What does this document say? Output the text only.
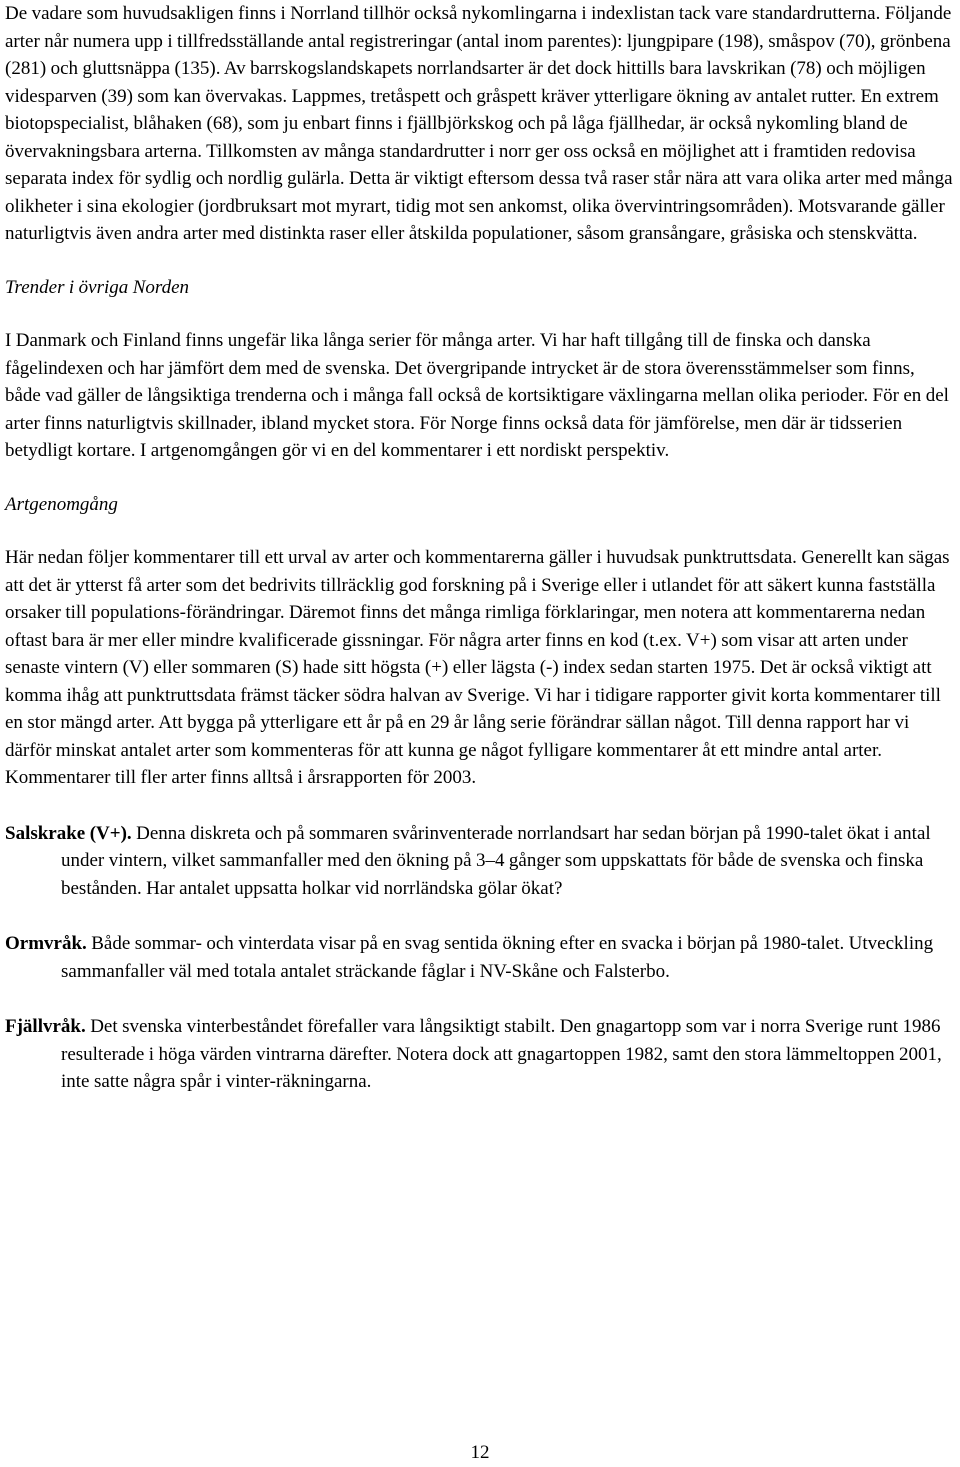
De vadare som huvudsakligen finns i Norrland tillhör också nykomlingarna i indexlistan tack vare standardrutterna. Följande arter når numera upp i tillfredsställande antal registreringar (antal inom parentes): ljungpipare (198), småspov (70), grönbena (281) och gluttsnäppa (135). Av barrskogslandskapets norrlandsarter är det dock hittills bara lavskrikan (78) och möjligen videsparven (39) som kan övervakas. Lappmes, tretåspett och gråspett kräver ytterligare ökning av antalet rutter. En extrem biotopspecialist, blåhaken (68), som ju enbart finns i fjällbjörkskog och på låga fjällhedar, är också nykomling bland de övervakningsbara arterna. Tillkomsten av många standardrutter i norr ger oss också en möjlighet att i framtiden redovisa separata index för sydlig och nordlig gulärla. Detta är viktigt eftersom dessa två raser står nära att vara olika arter med många olikheter i sina ekologier (jordbruksart mot myrart, tidig mot sen ankomst, olika övervintringsområden). Motsvarande gäller naturligtvis även andra arter med distinkta raser eller åtskilda populationer, såsom gransångare, gråsiska och stenskvätta.

Trender i övriga Norden

I Danmark och Finland finns ungefär lika långa serier för många arter. Vi har haft tillgång till de finska och danska fågelindexen och har jämfört dem med de svenska. Det övergripande intrycket är de stora överensstämmelser som finns, både vad gäller de långsiktiga trenderna och i många fall också de kortsiktigare växlingarna mellan olika perioder. För en del arter finns naturligtvis skillnader, ibland mycket stora. För Norge finns också data för jämförelse, men där är tidsserien betydligt kortare. I artgenomgången gör vi en del kommentarer i ett nordiskt perspektiv.

Artgenomgång

Här nedan följer kommentarer till ett urval av arter och kommentarerna gäller i huvudsak punktruttsdata. Generellt kan sägas att det är ytterst få arter som det bedrivits tillräcklig god forskning på i Sverige eller i utlandet för att säkert kunna fastställa orsaker till populations-förändringar. Däremot finns det många rimliga förklaringar, men notera att kommentarerna nedan oftast bara är mer eller mindre kvalificerade gissningar. För några arter finns en kod (t.ex. V+) som visar att arten under senaste vintern (V) eller sommaren (S) hade sitt högsta (+) eller lägsta (-) index sedan starten 1975. Det är också viktigt att komma ihåg att punktruttsdata främst täcker södra halvan av Sverige. Vi har i tidigare rapporter givit korta kommentarer till en stor mängd arter. Att bygga på ytterligare ett år på en 29 år lång serie förändrar sällan något. Till denna rapport har vi därför minskat antalet arter som kommenteras för att kunna ge något fylligare kommentarer åt ett mindre antal arter. Kommentarer till fler arter finns alltså i årsrapporten för 2003.

Salskrake (V+). Denna diskreta och på sommaren svårinventerade norrlandsart har sedan början på 1990-talet ökat i antal under vintern, vilket sammanfaller med den ökning på 3–4 gånger som uppskattats för både de svenska och finska bestånden. Har antalet uppsatta holkar vid norrländska gölar ökat?

Ormvråk. Både sommar- och vinterdata visar på en svag sentida ökning efter en svacka i början på 1980-talet. Utveckling sammanfaller väl med totala antalet sträckande fåglar i NV-Skåne och Falsterbo.

Fjällvråk. Det svenska vinterbeståndet förefaller vara långsiktigt stabilt. Den gnagartopp som var i norra Sverige runt 1986 resulterade i höga värden vintrarna därefter. Notera dock att gnagartoppen 1982, samt den stora lämmeltoppen 2001, inte satte några spår i vinter-räkningarna.

12
